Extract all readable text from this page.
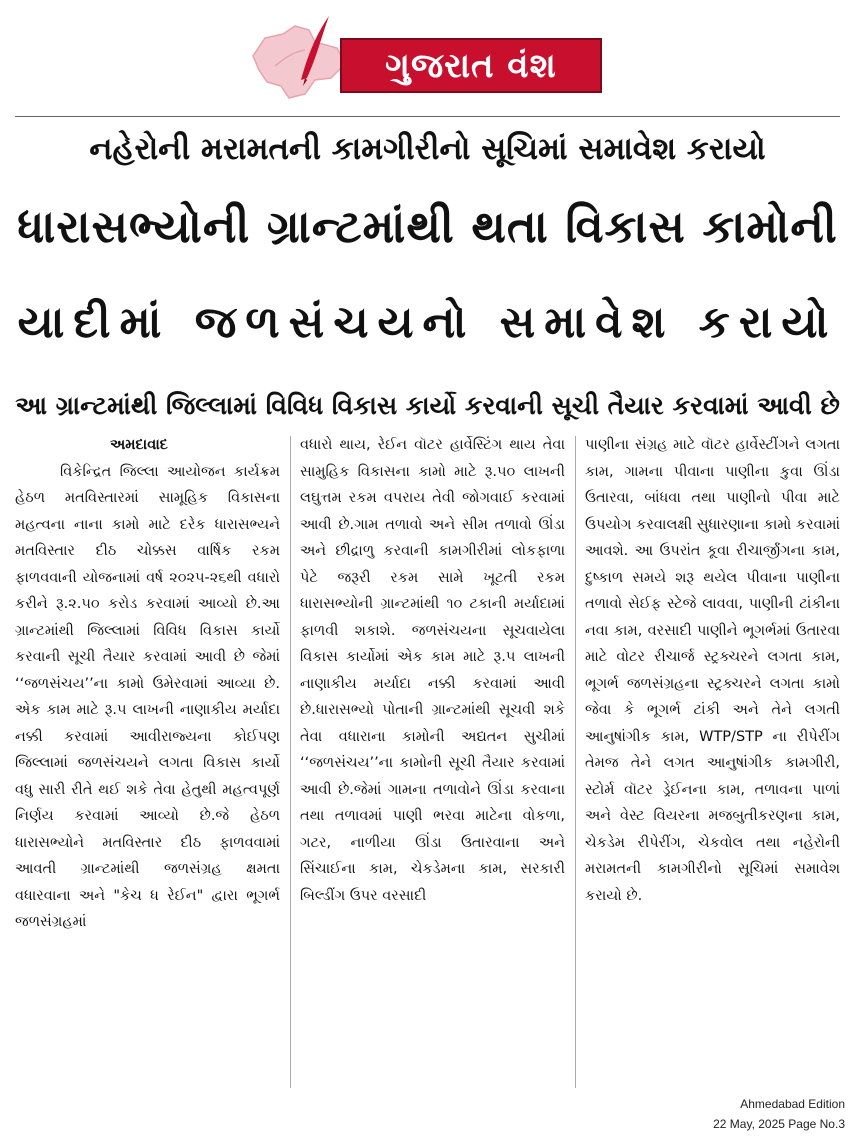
ગુજરાત વંશ
નહેરોની મરામતની કામગીરીનો સૂચિમાં સમાવેશ કરાયો
ધારાસભ્યોની ગ્રાન્ટમાંથી થતા વિકાસ કામોની
યાદીમાં જળસંચયનો સમાવેશ કરાયો
આ ગ્રાન્ટમાંથી જિલ્લામાં વિવિધ વિકાસ કાર્યો કરવાની સૂચી તૈયાર કરવામાં આવી છે
અમદાવાદ

વિકેન્દ્રિત જિલ્લા આયોજન કાર્યક્રમ હેઠળ મતવિસ્તારમાં સામૂહિક વિકાસના મહત્વના નાના કામો માટે દરેક ધારાસભ્યને મતવિસ્તાર દીઠ ચોક્કસ વાર્ષિક રકમ ફાળવવાની યોજનામાં વર્ષ ૨૦૨૫-૨૬થી વધારો કરીને રૂ.૨.૫૦ કરોડ કરવામાં આવ્યો છે.આ ગ્રાન્ટમાંથી જિલ્લામાં વિવિધ વિકાસ કાર્યો કરવાની સૂચી તૈયાર કરવામાં આવી છે જેમાં ‘‘જળસંચય’’ના કામો ઉમેરવામાં આવ્યા છે. એક કામ માટે રૂ.૫ લાખની નાણાકીય મર્યાદા નક્કી કરવામાં આવીરાજ્યના કોઈપણ જિલ્લામાં જળસંચયને લગતા વિકાસ કાર્યો વધુ સારી રીતે થઈ શકે તેવા હેતુથી મહત્વપૂર્ણ નિર્ણય કરવામાં આવ્યો છે.જે હેઠળ ધારાસભ્યોને મતવિસ્તાર દીઠ ફાળવવામાં આવતી ગ્રાન્ટમાંથી જળસંગ્રહ ક્ષમતા વધારવાના અને "કેચ ધ રેઈન" દ્વારા ભૂગર્ભ જળસંગ્રહમાં

વધારો થાય, રેઈન વૉટર હાર્વેસ્ટિંગ થાય તેવા સામુહિક વિકાસના કામો માટે રૂ.૫૦ લાખની લઘુત્તમ રકમ વપરાય તેવી જોગવાઈ કરવામાં આવી છે.ગામ તળાવો અને સીમ તળાવો ઊંડા અને છીદ્રાળુ કરવાની કામગીરીમાં લોકફાળા પેટે જરૂરી રકમ સામે ખૂટતી રકમ ધારાસભ્યોની ગ્રાન્ટમાંથી ૧૦ ટકાની મર્યાદામાં ફાળવી શકાશે. જળસંચયના સૂચવાયેલા વિકાસ કાર્યોમાં એક કામ માટે રૂ.૫ લાખની નાણાકીય મર્યાદા નક્કી કરવામાં આવી છે.ધારાસભ્યો પોતાની ગ્રાન્ટમાંથી સૂચવી શકે તેવા વધારાના કામોની અદ્યતન સુચીમાં ‘‘જળસંચય’’ના કામોની સૂચી તૈયાર કરવામાં આવી છે.જેમાં ગામના તળાવોને ઊંડા કરવાના તથા તળાવમાં પાણી ભરવા માટેના વોકળા, ગટર, નાળીયા ઊંડા ઉતારવાના અને સિંચાઈના કામ, ચેકડેમના કામ, સરકારી બિલ્ડીંગ ઉપર વરસાદી

પાણીના સંગ્રહ માટે વૉટર હાર્વેસ્ટીંગને લગતા કામ, ગામના પીવાના પાણીના કુવા ઊંડા ઉતારવા, બાંધવા તથા પાણીનો પીવા માટે ઉપયોગ કરવાલક્ષી સુધારણાના કામો કરવામાં આવશે. આ ઉપરાંત કૂવા રીચાર્જીંગના કામ, દુષ્કાળ સમયે શરૂ થયેલ પીવાના પાણીના તળાવો સેઈફ સ્ટેજે લાવવા, પાણીની ટાંકીના નવા કામ, વરસાદી પાણીને ભૂગર્ભમાં ઉતારવા માટે વોટર રીચાર્જ સ્ટ્રક્ચરને લગતા કામ, ભૂગર્ભ જળસંગ્રહના સ્ટ્રક્ચરને લગતા કામો જેવા કે ભૂગર્ભ ટાંકી અને તેને લગતી આનુષાંગીક કામ, WTP/STP ના રીપેરીંગ તેમજ તેને લગત આનુષાંગીક કામગીરી, સ્ટોર્મ વૉટર ડ્રેઈનના કામ, તળાવના પાળાં અને વેસ્ટ વિયરના મજબુતીકરણના કામ, ચેકડેમ રીપેરીંગ, ચેકવોલ તથા નહેરોની મરામતની કામગીરીનો સૂચિમાં સમાવેશ કરાયો છે.

Ahmedabad Edition
22 May, 2025 Page No.3
